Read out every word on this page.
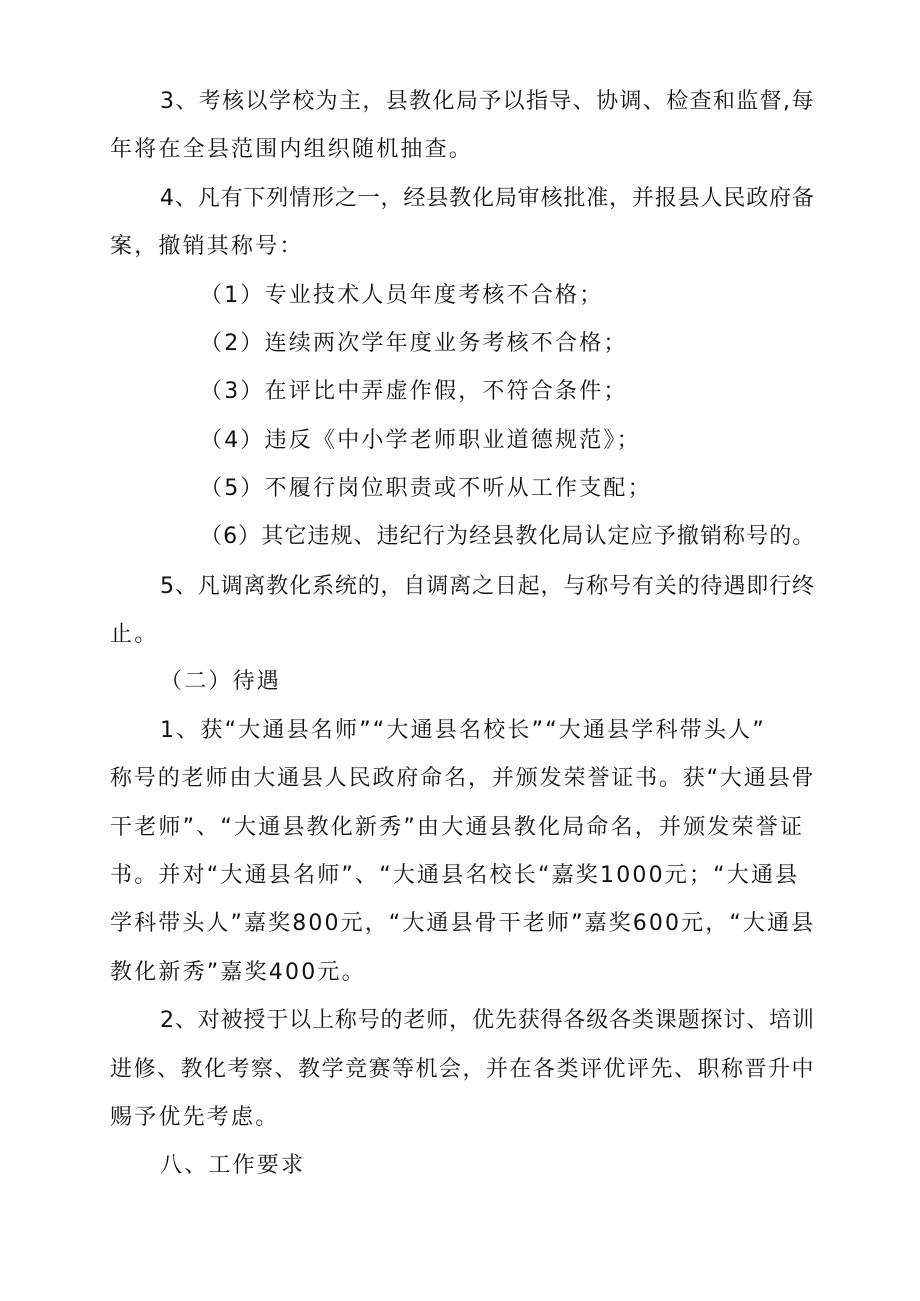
3、考核以学校为主，县教化局予以指导、协调、检查和监督,每
年将在全县范围内组织随机抽查。
4、凡有下列情形之一，经县教化局审核批准，并报县人民政府备
案，撤销其称号：
（1）专业技术人员年度考核不合格；
（2）连续两次学年度业务考核不合格；
（3）在评比中弄虚作假，不符合条件；
（4）违反《中小学老师职业道德规范》；
（5）不履行岗位职责或不听从工作支配；
（6）其它违规、违纪行为经县教化局认定应予撤销称号的。
5、凡调离教化系统的，自调离之日起，与称号有关的待遇即行终
止。
（二）待遇
1、获“大通县名师”“大通县名校长”“大通县学科带头人”
称号的老师由大通县人民政府命名，并颁发荣誉证书。获“大通县骨
干老师”、“大通县教化新秀”由大通县教化局命名，并颁发荣誉证
书。并对“大通县名师”、“大通县名校长“嘉奖1000元；“大通县
学科带头人”嘉奖800元，“大通县骨干老师”嘉奖600元，“大通县
教化新秀”嘉奖400元。
2、对被授于以上称号的老师，优先获得各级各类课题探讨、培训
进修、教化考察、教学竞赛等机会，并在各类评优评先、职称晋升中
赐予优先考虑。
八、工作要求
